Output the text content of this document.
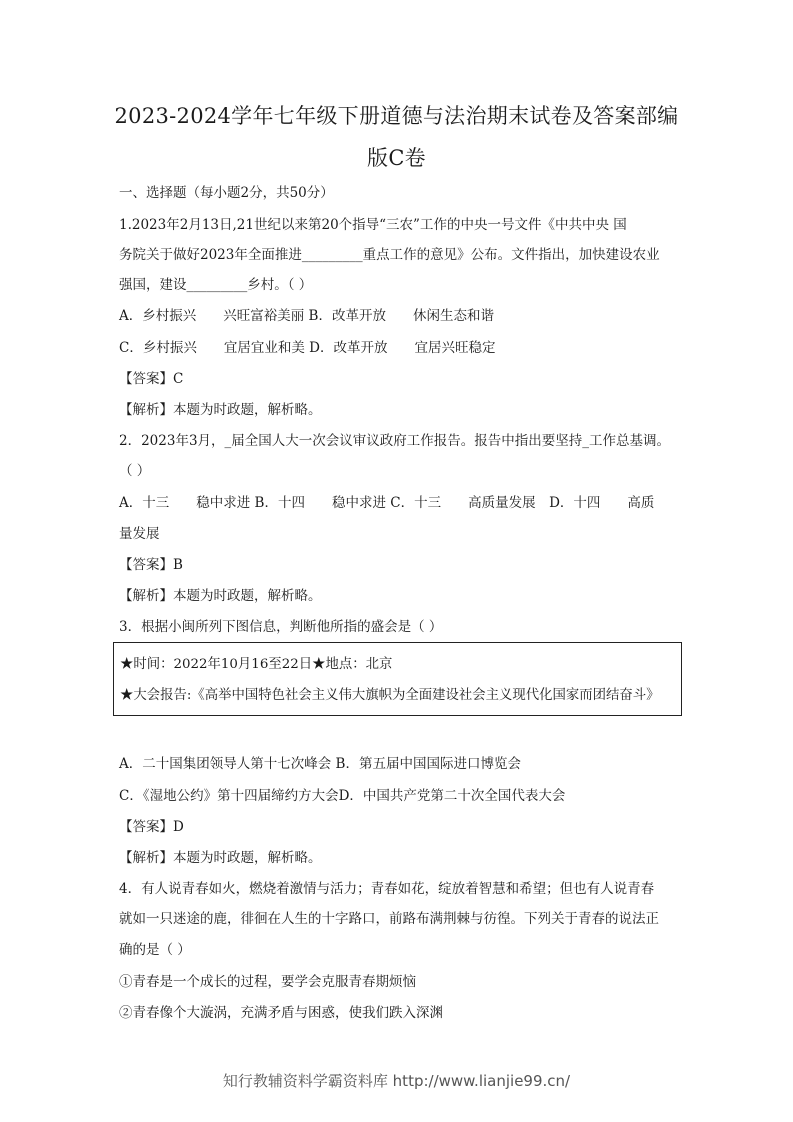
2023-2024学年七年级下册道德与法治期末试卷及答案部编
版C卷
一、选择题（每小题2分，共50分）
1.2023年2月13日,21世纪以来第20个指导“三农”工作的中央一号文件《中共中央 国
务院关于做好2023年全面推进_________重点工作的意见》公布。文件指出，加快建设农业
强国，建设_________乡村。（ ）
A．乡村振兴　　兴旺富裕美丽 B．改革开放　　休闲生态和谐
C．乡村振兴　　宜居宜业和美 D．改革开放　　宜居兴旺稳定
【答案】C
【解析】本题为时政题，解析略。
2．2023年3月，_届全国人大一次会议审议政府工作报告。报告中指出要坚持_工作总基调。
（ ）
A．十三　　稳中求进 B．十四　　稳中求进 C．十三　　高质量发展　D．十四　　高质
量发展
【答案】B
【解析】本题为时政题，解析略。
3．根据小闽所列下图信息，判断他所指的盛会是（ ）
★时间：2022年10月16至22日★地点：北京
★大会报告:《高举中国特色社会主义伟大旗帜为全面建设社会主义现代化国家而团结奋斗》
A．二十国集团领导人第十七次峰会 B．第五届中国国际进口博览会
C．《湿地公约》第十四届缔约方大会D．中国共产党第二十次全国代表大会
【答案】D
【解析】本题为时政题，解析略。
4．有人说青春如火，燃烧着激情与活力；青春如花，绽放着智慧和希望；但也有人说青春
就如一只迷途的鹿，徘徊在人生的十字路口，前路布满荆棘与彷徨。下列关于青春的说法正
确的是（ ）
①青春是一个成长的过程，要学会克服青春期烦恼
②青春像个大漩涡，充满矛盾与困惑，使我们跌入深渊
知行教辅资料学霸资料库 http://www.lianjie99.cn/
